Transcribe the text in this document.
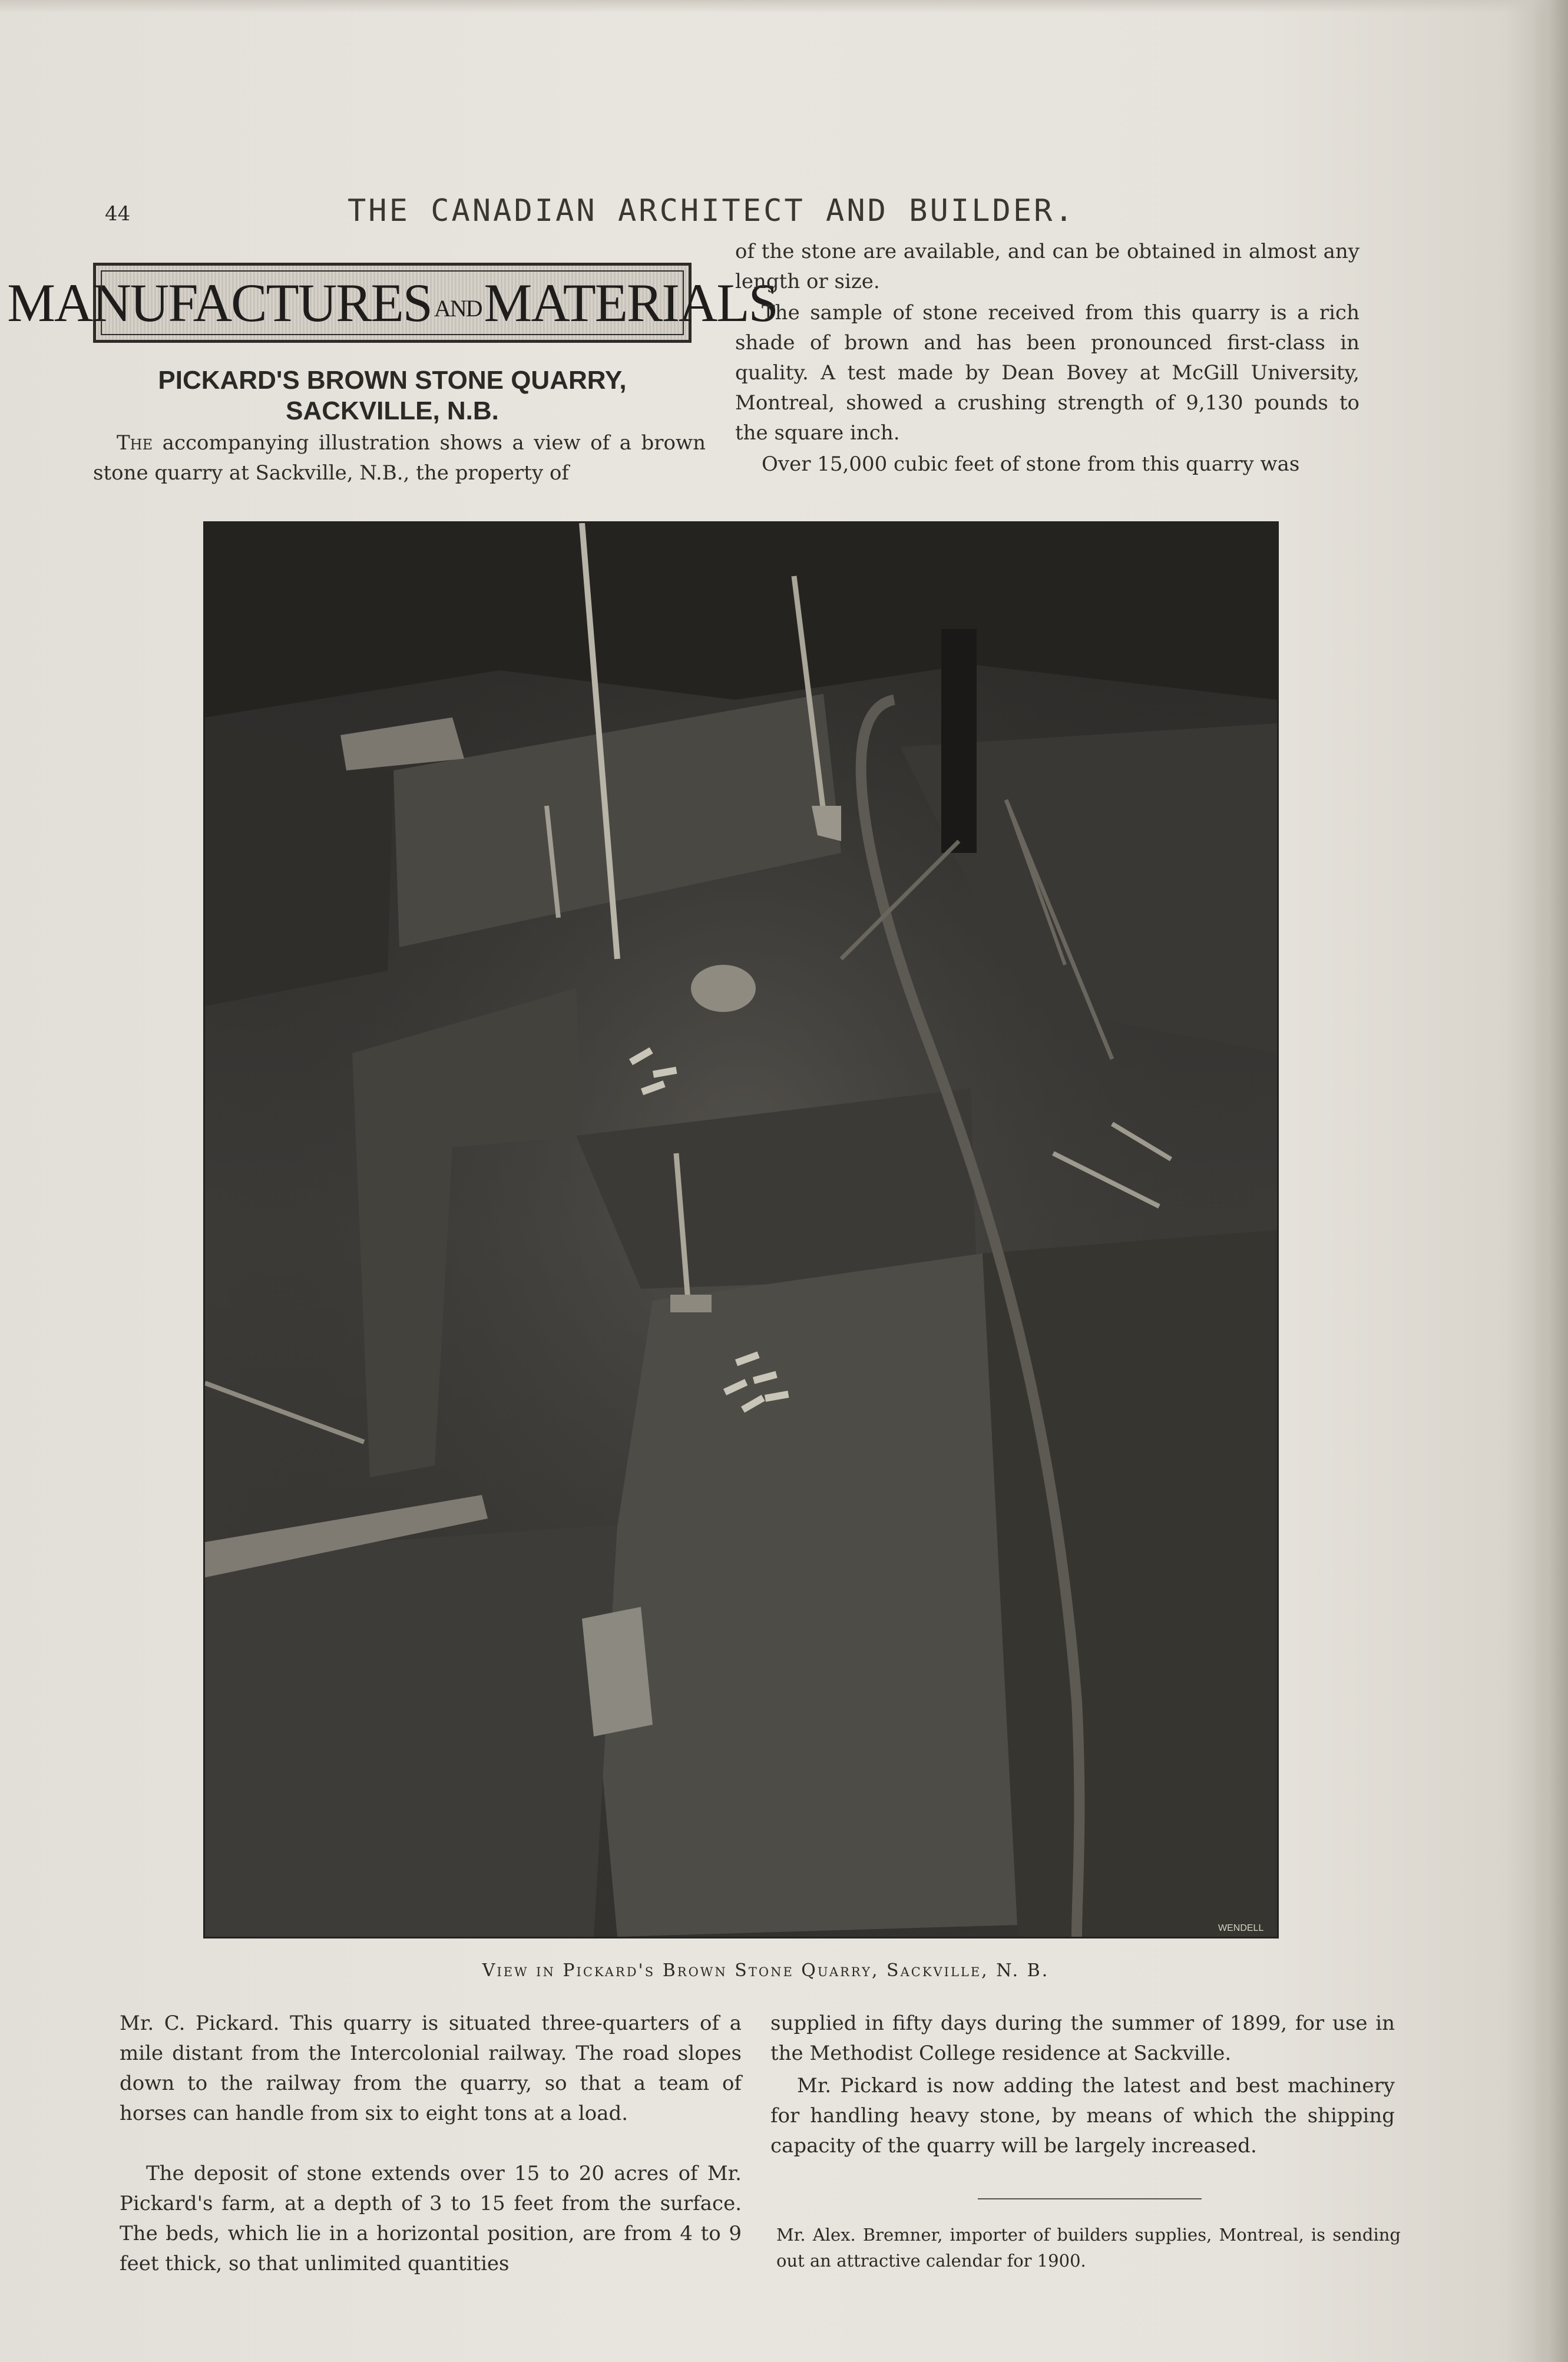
44	THE CANADIAN ARCHITECT AND BUILDER.
MANUFACTURES ANDMATERIALS
PICKARD'S BROWN STONE QUARRY,
SACKVILLE, N.B.

The accompanying illustration shows a view of a brown stone quarry at Sackville, N.B., the property of

of the stone are available, and can be obtained in almost any length or size.

The sample of stone received from this quarry is a rich shade of brown and has been pronounced first-class in quality. A test made by Dean Bovey at McGill University, Montreal, showed a crushing strength of 9,130 pounds to the square inch.

Over 15,000 cubic feet of stone from this quarry was

WENDELL
View in Pickard's Brown Stone Quarry, Sackville, N. B.

Mr. C. Pickard. This quarry is situated three-quarters of a mile distant from the Intercolonial railway. The road slopes down to the railway from the quarry, so that a team of horses can handle from six to eight tons at a load.

The deposit of stone extends over 15 to 20 acres of Mr. Pickard's farm, at a depth of 3 to 15 feet from the surface. The beds, which lie in a horizontal position, are from 4 to 9 feet thick, so that unlimited quantities

supplied in fifty days during the summer of 1899, for use in the Methodist College residence at Sackville.

Mr. Pickard is now adding the latest and best machinery for handling heavy stone, by means of which the shipping capacity of the quarry will be largely increased.

Mr. Alex. Bremner, importer of builders supplies, Montreal, is sending out an attractive calendar for 1900.
